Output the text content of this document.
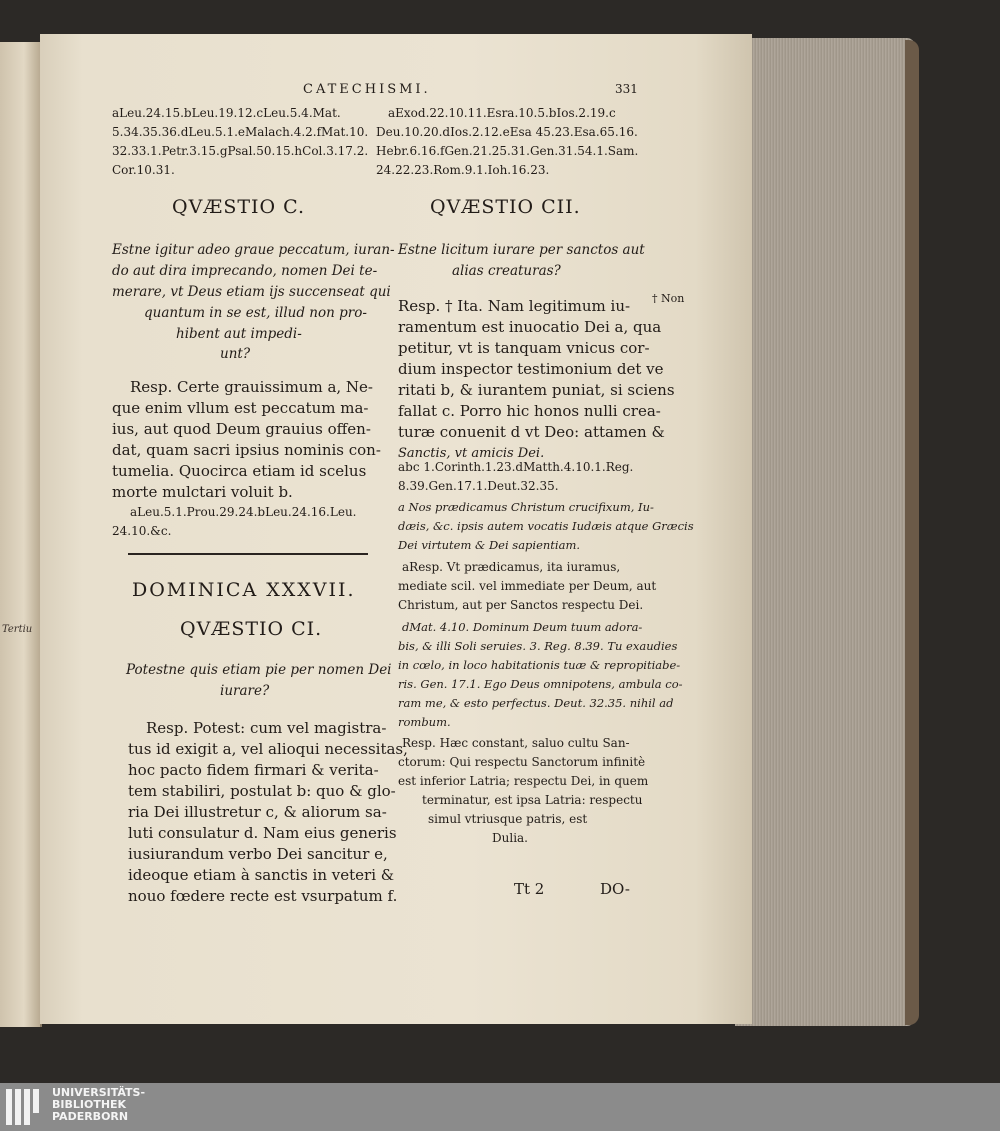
Tertiu
CATECHISMI.	331
† Non
aLeu.24.15.bLeu.19.12.cLeu.5.4.Mat.
5.34.35.36.dLeu.5.1.eMalach.4.2.fMat.10.
32.33.1.Petr.3.15.gPsal.50.15.hCol.3.17.2.
Cor.10.31.
aExod.22.10.11.Esra.10.5.bIos.2.19.c
Deu.10.20.dIos.2.12.eEsa 45.23.Esa.65.16.
Hebr.6.16.fGen.21.25.31.Gen.31.54.1.Sam.
24.22.23.Rom.9.1.Ioh.16.23.
QVÆSTIO C.
Estne igitur adeo graue peccatum, iuran-
do aut dira imprecando, nomen Dei te-
merare, vt Deus etiam ijs succenseat qui
quantum in se est, illud non pro-
hibent aut impedi-
unt?
Resp. Certe grauissimum a, Ne-
que enim vllum est peccatum ma-
ius, aut quod Deum grauius offen-
dat, quam sacri ipsius nominis con-
tumelia. Quocirca etiam id scelus
morte mulctari voluit b.
aLeu.5.1.Prou.29.24.bLeu.24.16.Leu.
24.10.&c.
DOMINICA XXXVII.
QVÆSTIO CI.
Potestne quis etiam pie per nomen Dei
iurare?
Resp. Potest: cum vel magistra-
tus id exigit a, vel alioqui necessitas,
hoc pacto fidem firmari & verita-
tem stabiliri, postulat b: quo & glo-
ria Dei illustretur c, & aliorum sa-
luti consulatur d. Nam eius generis
iusiurandum verbo Dei sancitur e,
ideoque etiam à sanctis in veteri &
nouo fœdere recte est vsurpatum f.
QVÆSTIO CII.
Estne licitum iurare per sanctos aut
alias creaturas?
Resp. † Ita. Nam legitimum iu-
ramentum est inuocatio Dei a, qua
petitur, vt is tanquam vnicus cor-
dium inspector testimonium det ve
ritati b, & iurantem puniat, si sciens
fallat c. Porro hic honos nulli crea-
turæ conuenit d vt Deo: attamen &
Sanctis, vt amicis Dei.
abc 1.Corinth.1.23.dMatth.4.10.1.Reg.
8.39.Gen.17.1.Deut.32.35.
a Nos prædicamus Christum crucifixum, Iu-
dæis, &c. ipsis autem vocatis Iudæis atque Græcis
Dei virtutem & Dei sapientiam.
aResp. Vt prædicamus, ita iuramus,
mediate scil. vel immediate per Deum, aut
Christum, aut per Sanctos respectu Dei.
dMat. 4.10. Dominum Deum tuum adora-
bis, & illi Soli seruies. 3. Reg. 8.39. Tu exaudies
in cœlo, in loco habitationis tuæ & repropitiabe-
ris. Gen. 17.1. Ego Deus omnipotens, ambula co-
ram me, & esto perfectus. Deut. 32.35. nihil ad
rombum.
Resp. Hæc constant, saluo cultu San-
ctorum: Qui respectu Sanctorum infinitè
est inferior Latria; respectu Dei, in quem
terminatur, est ipsa Latria: respectu
simul vtriusque patris, est
Dulia.
Tt 2	DO-
UNIVERSITÄTS-
BIBLIOTHEK
PADERBORN
